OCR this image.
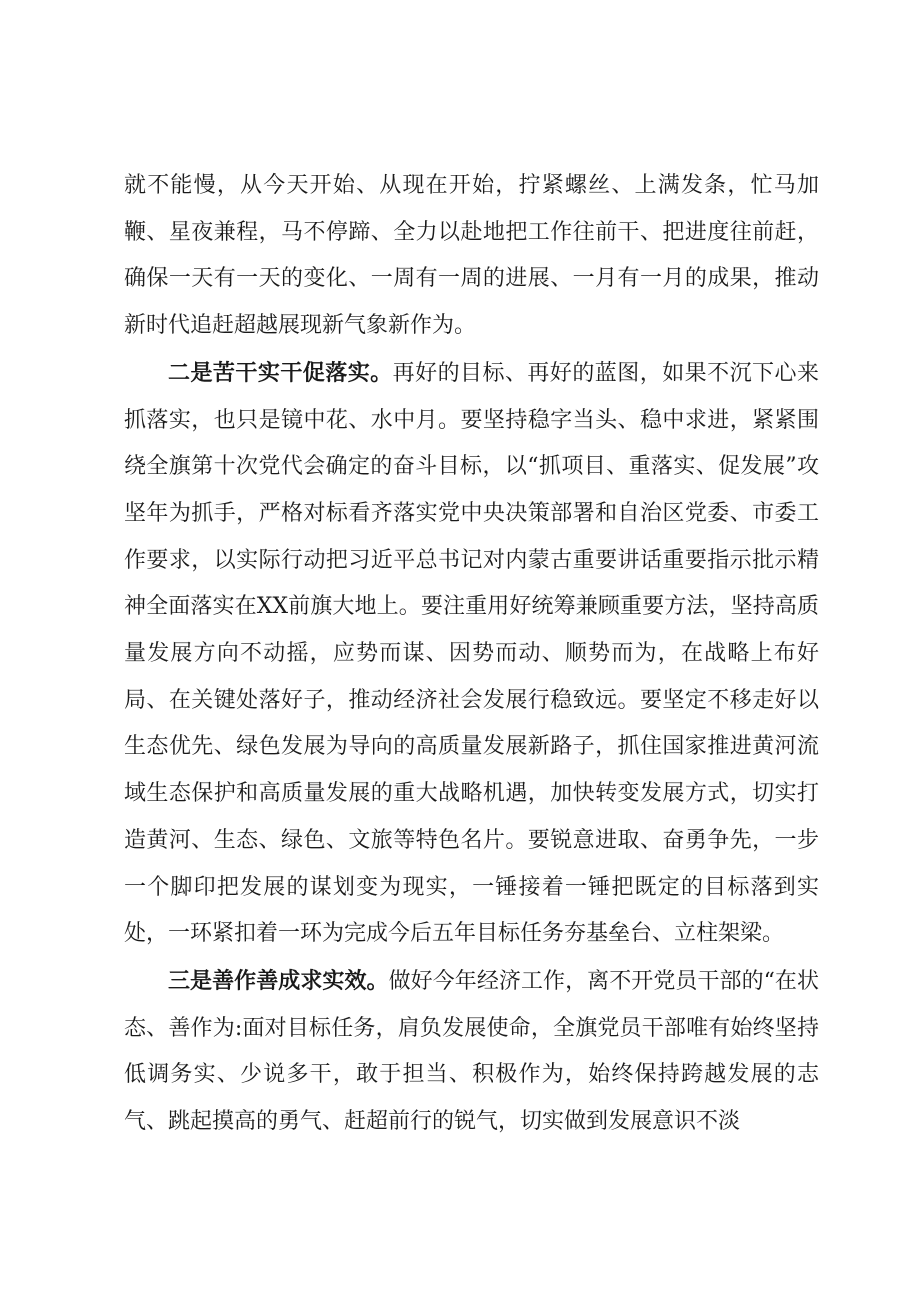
就不能慢，从今天开始、从现在开始，拧紧螺丝、上满发条，忙马加鞭、星夜兼程，马不停蹄、全力以赴地把工作往前干、把进度往前赶，确保一天有一天的变化、一周有一周的进展、一月有一月的成果，推动新时代追赶超越展现新气象新作为。

二是苦干实干促落实。再好的目标、再好的蓝图，如果不沉下心来抓落实，也只是镜中花、水中月。要坚持稳字当头、稳中求进，紧紧围绕全旗第十次党代会确定的奋斗目标，以“抓项目、重落实、促发展”攻坚年为抓手，严格对标看齐落实党中央决策部署和自治区党委、市委工作要求，以实际行动把习近平总书记对内蒙古重要讲话重要指示批示精神全面落实在XX前旗大地上。要注重用好统筹兼顾重要方法，坚持高质量发展方向不动摇，应势而谋、因势而动、顺势而为，在战略上布好局、在关键处落好子，推动经济社会发展行稳致远。要坚定不移走好以生态优先、绿色发展为导向的高质量发展新路子，抓住国家推进黄河流域生态保护和高质量发展的重大战略机遇，加快转变发展方式，切实打造黄河、生态、绿色、文旅等特色名片。要锐意进取、奋勇争先，一步一个脚印把发展的谋划变为现实，一锤接着一锤把既定的目标落到实处，一环紧扣着一环为完成今后五年目标任务夯基垒台、立柱架梁。

三是善作善成求实效。做好今年经济工作，离不开党员干部的“在状态、善作为:面对目标任务，肩负发展使命，全旗党员干部唯有始终坚持低调务实、少说多干，敢于担当、积极作为，始终保持跨越发展的志气、跳起摸高的勇气、赶超前行的锐气，切实做到发展意识不淡
